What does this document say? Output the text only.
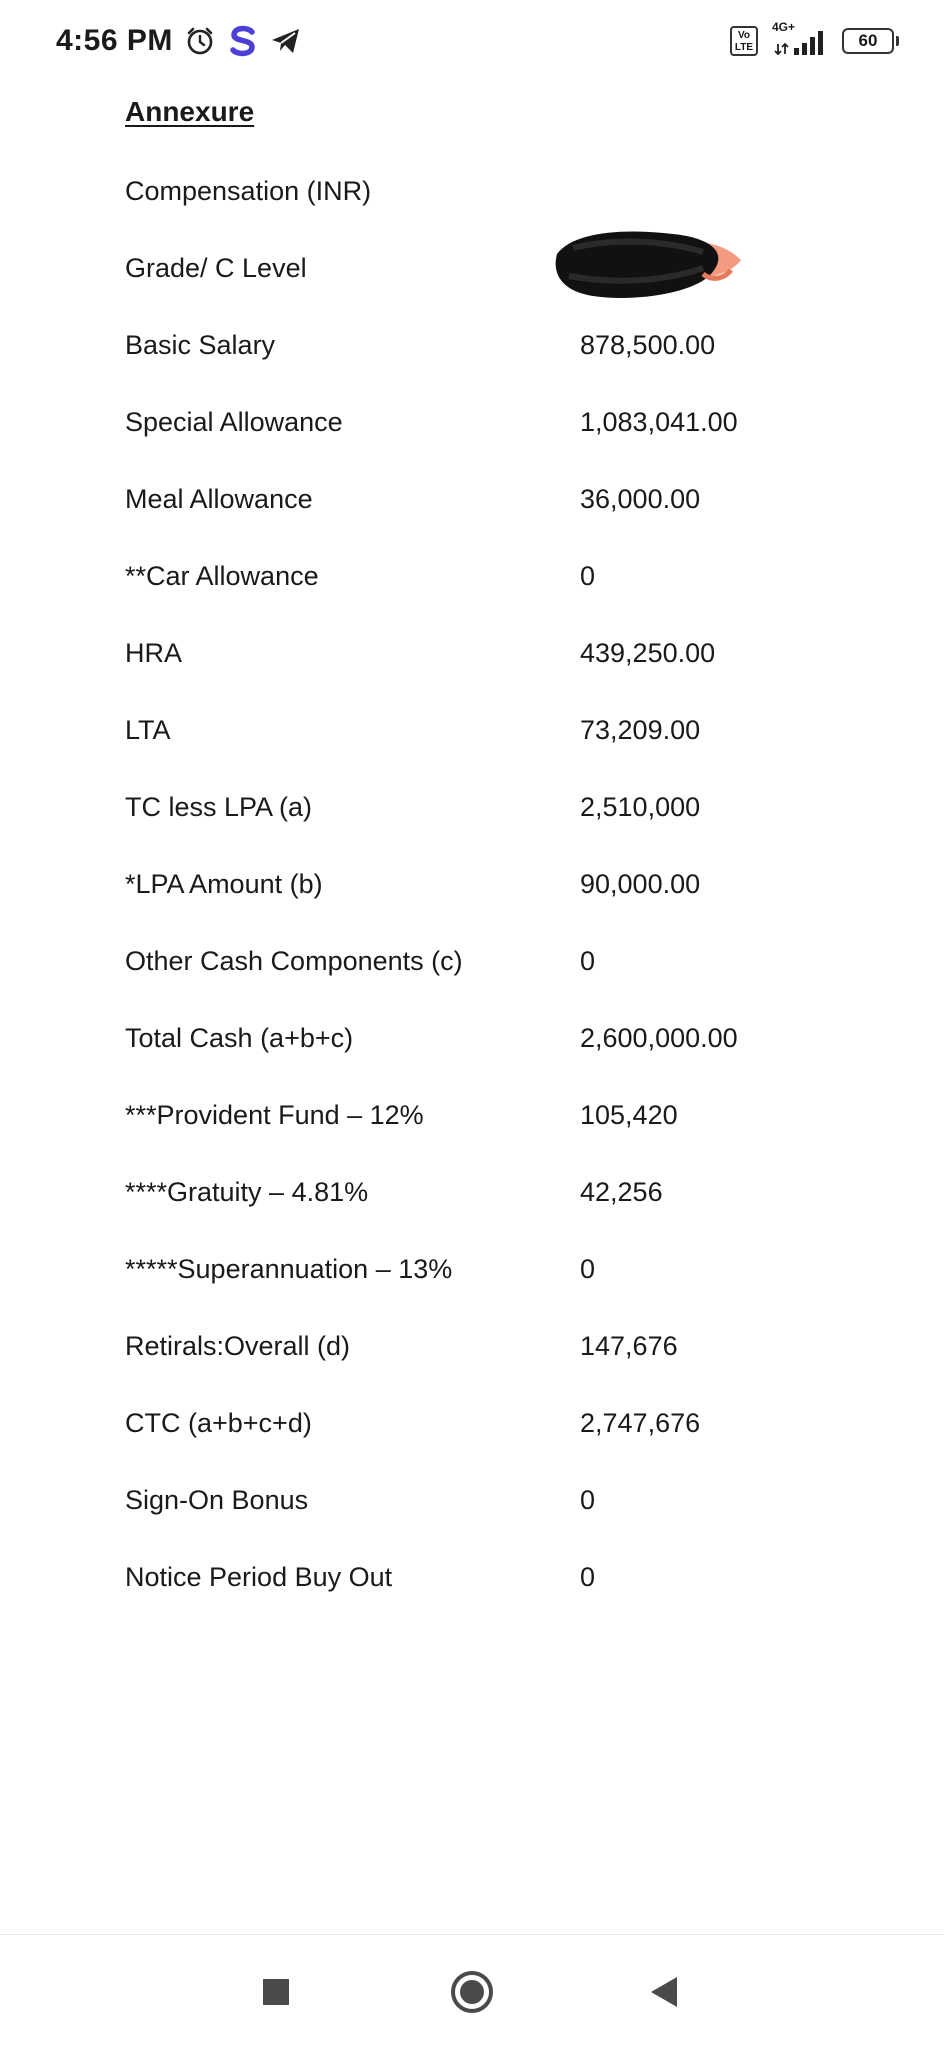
4:56 PM	Vo
LTE
4G+
60
Annexure
Compensation (INR)
Grade/ C Level
Basic Salary	878,500.00
Special Allowance	1,083,041.00
Meal Allowance	36,000.00
**Car Allowance	0
HRA	439,250.00
LTA	73,209.00
TC less LPA (a)	2,510,000
*LPA Amount (b)	90,000.00
Other Cash Components (c)	0
Total Cash (a+b+c)	2,600,000.00
***Provident Fund – 12%	105,420
****Gratuity – 4.81%	42,256
*****Superannuation – 13%	0
Retirals:Overall (d)	147,676
CTC (a+b+c+d)	2,747,676
Sign-On Bonus	0
Notice Period Buy Out	0
